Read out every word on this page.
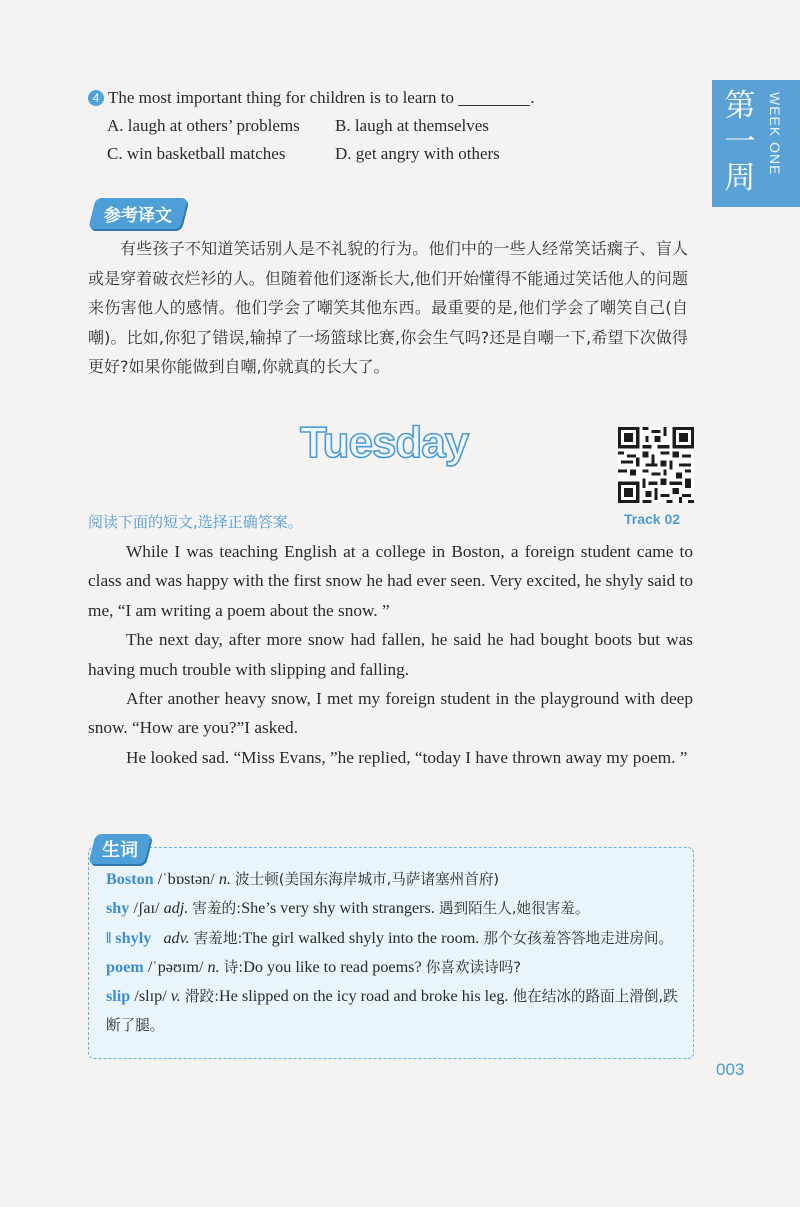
第一周
WEEK ONE
4 The most important thing for children is to learn to	.
A. laugh at others’ problems	B. laugh at themselves
C. win basketball matches	D. get angry with others
参考译文

有些孩子不知道笑话别人是不礼貌的行为。他们中的一些人经常笑话瘸子、盲人或是穿着破衣烂衫的人。但随着他们逐渐长大,他们开始懂得不能通过笑话他人的问题来伤害他人的感情。他们学会了嘲笑其他东西。最重要的是,他们学会了嘲笑自己(自嘲)。比如,你犯了错误,输掉了一场篮球比赛,你会生气吗?还是自嘲一下,希望下次做得更好?如果你能做到自嘲,你就真的长大了。

Tuesday
阅读下面的短文,选择正确答案。	Track 02

While I was teaching English at a college in Boston, a foreign student came to class and was happy with the first snow he had ever seen. Very excited, he shyly said to me, “I am writing a poem about the snow. ”

The next day, after more snow had fallen, he said he had bought boots but was having much trouble with slipping and falling.

After another heavy snow, I met my foreign student in the playground with deep snow. “How are you?”I asked.

He looked sad. “Miss Evans, ”he replied, “today I have thrown away my poem. ”

生词
Boston /ˈbɒstən/ n. 波士顿(美国东海岸城市,马萨诸塞州首府)
shy /ʃaɪ/ adj. 害羞的:She’s very shy with strangers. 遇到陌生人,她很害羞。
‖ shyly adv. 害羞地:The girl walked shyly into the room. 那个女孩羞答答地走进房间。
poem /ˈpəʊɪm/ n. 诗:Do you like to read poems? 你喜欢读诗吗?
slip /slɪp/ v. 滑跤:He slipped on the icy road and broke his leg. 他在结冰的路面上滑倒,跌断了腿。
003
